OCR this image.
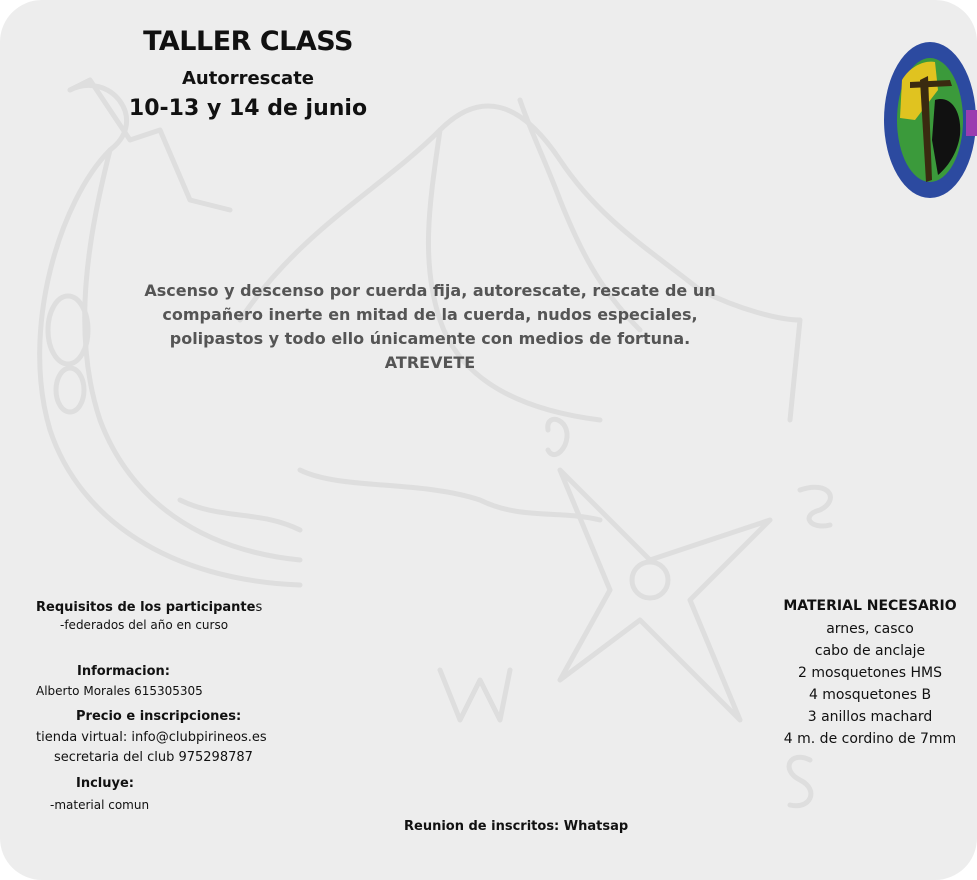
TALLER CLASS
Autorrescate
10-13 y 14 de junio
Ascenso y descenso por cuerda fija, autorescate, rescate de un compañero inerte en mitad de la cuerda, nudos especiales, polipastos y todo ello únicamente con medios de fortuna. ATREVETE
Requisitos de los participantes
-federados del año en curso
Informacion:
Alberto Morales 615305305
Precio e inscripciones:
tienda virtual: info@clubpirineos.es
secretaria del club 975298787
Incluye:
-material comun
Reunion de inscritos: Whatsap
MATERIAL NECESARIO
arnes, casco
cabo de anclaje
2 mosquetones HMS
4 mosquetones B
3 anillos machard
4 m. de cordino de 7mm
